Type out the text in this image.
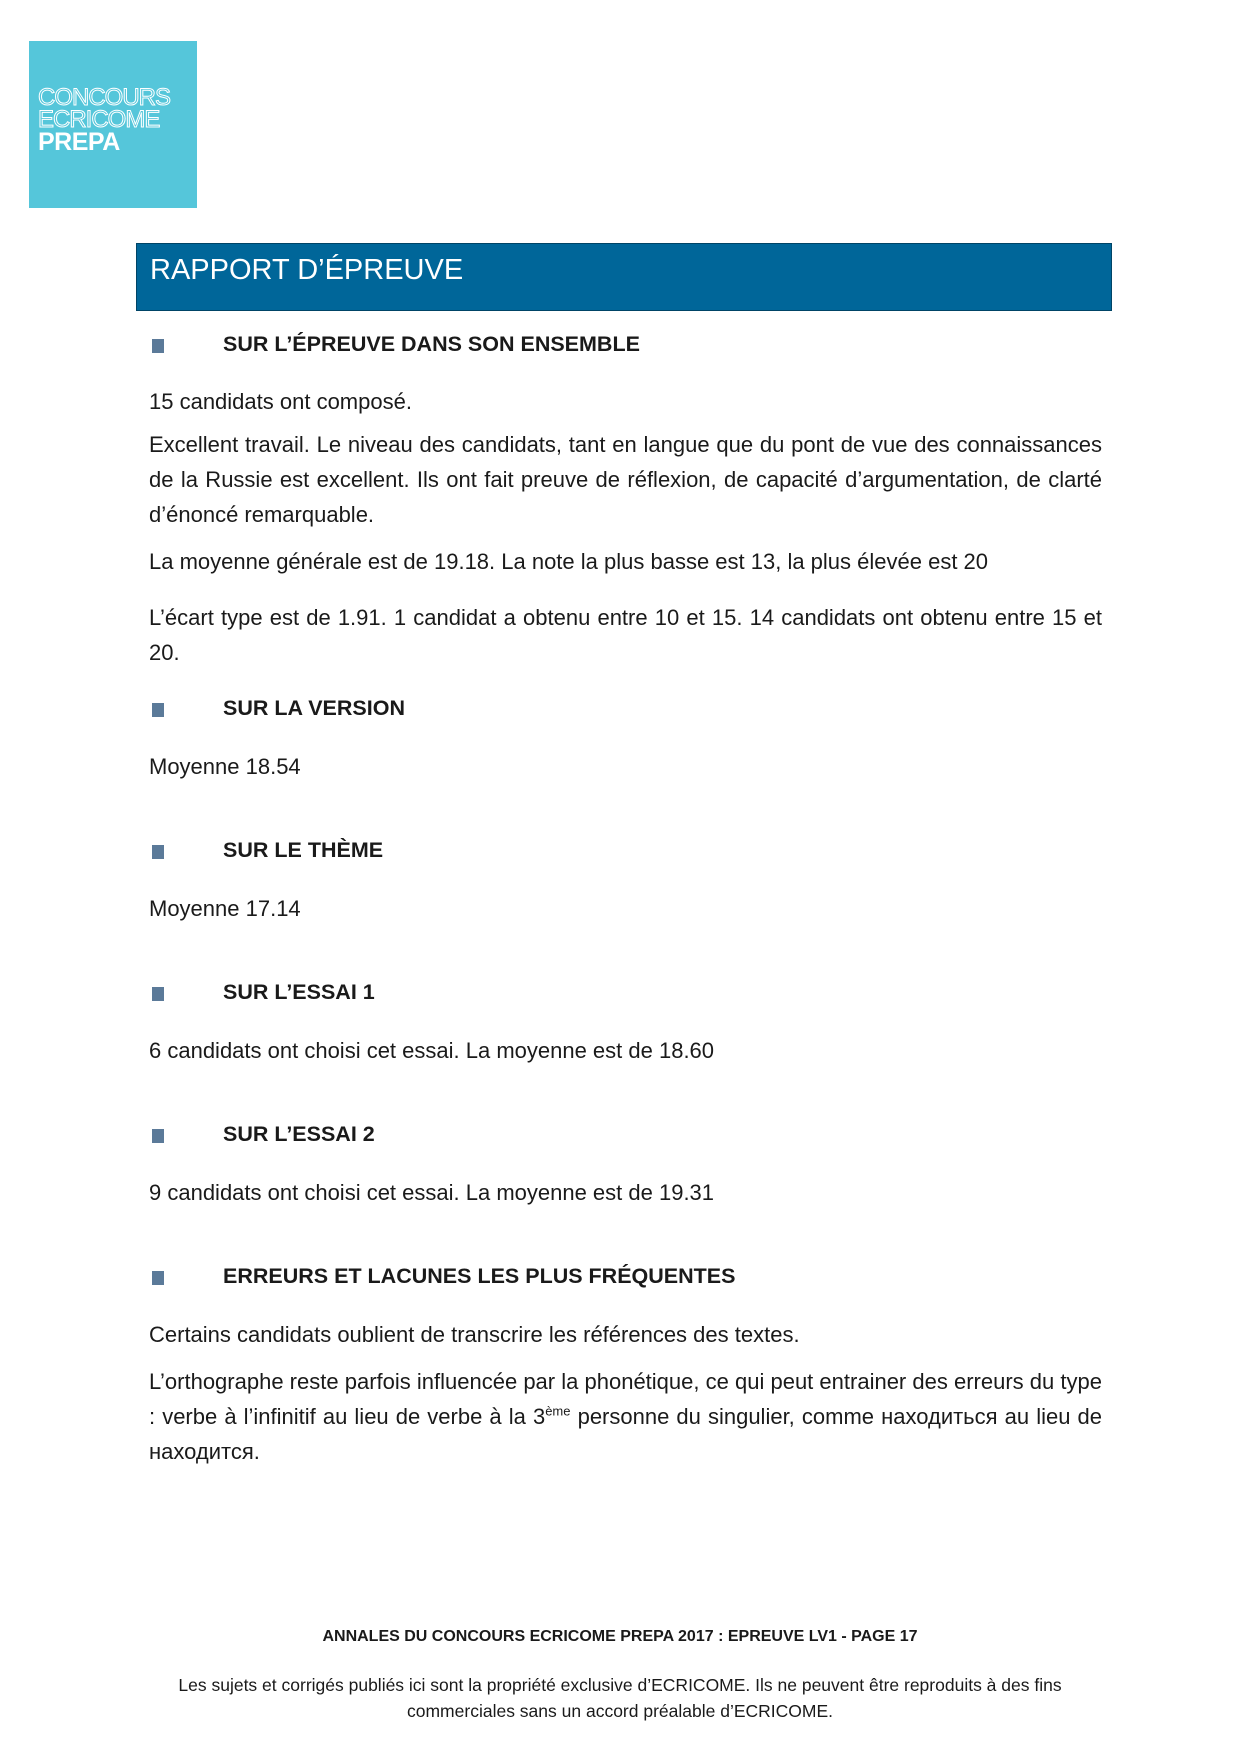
CONCOURS
ECRICOME
PREPA
RAPPORT D’ÉPREUVE
SUR L’ÉPREUVE DANS SON ENSEMBLE
15 candidats ont composé.
Excellent travail. Le niveau des candidats, tant en langue que du pont de vue des connaissances de la Russie est excellent. Ils ont fait preuve de réflexion, de capacité d’argumentation, de clarté d’énoncé remarquable.
La moyenne générale est de 19.18. La note la plus basse est 13, la plus élevée est 20
L’écart type est de 1.91. 1 candidat a obtenu entre 10 et 15. 14 candidats ont obtenu entre 15 et 20.
SUR LA VERSION
Moyenne 18.54
SUR LE THÈME
Moyenne 17.14
SUR L’ESSAI 1
6 candidats ont choisi cet essai. La moyenne est de 18.60
SUR L’ESSAI 2
9 candidats ont choisi cet essai. La moyenne est de 19.31
ERREURS ET LACUNES LES PLUS FRÉQUENTES
Certains candidats oublient de transcrire les références des textes.
L’orthographe reste parfois influencée par la phonétique, ce qui peut entrainer des erreurs du type : verbe à l’infinitif au lieu de verbe à la 3ème personne du singulier, comme находиться au lieu de находится.
ANNALES DU CONCOURS ECRICOME PREPA 2017 : EPREUVE LV1 - PAGE 17
Les sujets et corrigés publiés ici sont la propriété exclusive d’ECRICOME. Ils ne peuvent être reproduits à des fins commerciales sans un accord préalable d’ECRICOME.
